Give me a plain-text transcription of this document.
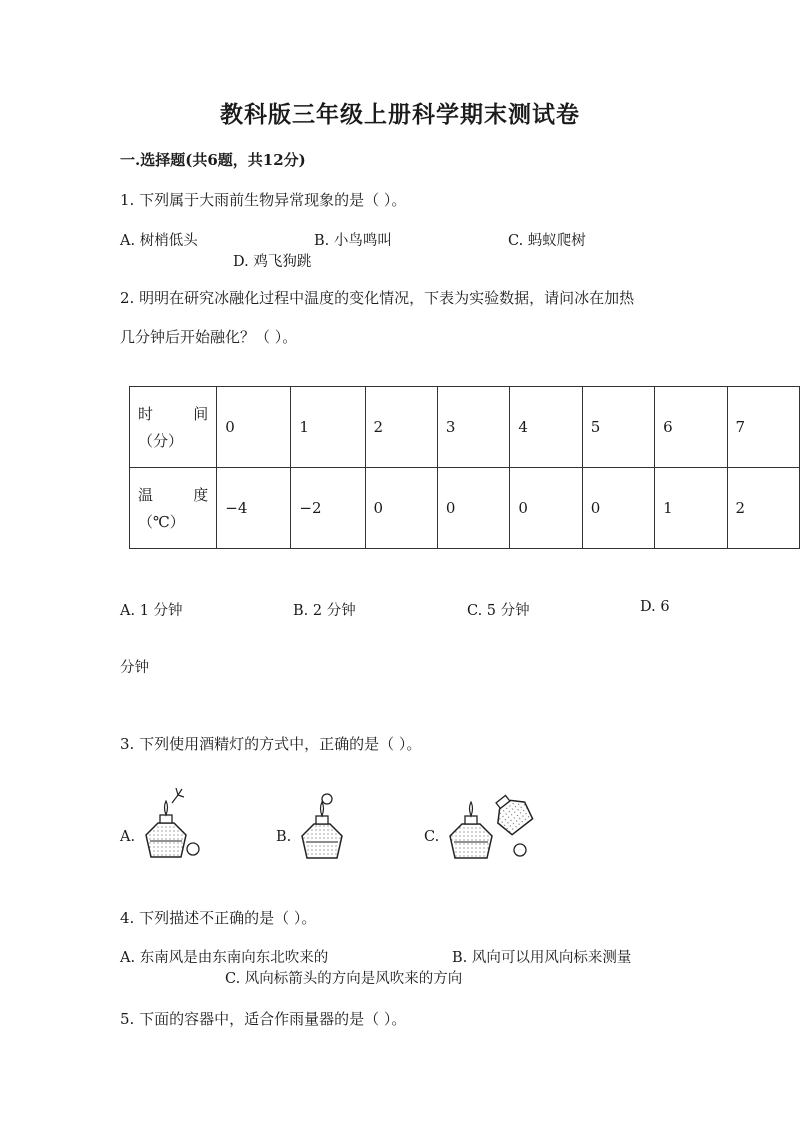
教科版三年级上册科学期末测试卷
一.选择题(共6题，共12分)
1. 下列属于大雨前生物异常现象的是（ ）。
A. 树梢低头	B. 小鸟鸣叫	C. 蚂蚁爬树
D. 鸡飞狗跳
2. 明明在研究冰融化过程中温度的变化情况，下表为实验数据，请问冰在加热
几分钟后开始融化？（ ）。
时 间
（分）	0	1	2	3	4	5	6	7

温 度
（℃）	−4	−2	0	0	0	0	1	2
A. 1 分钟	B. 2 分钟	C. 5 分钟	D. 6
分钟
3. 下列使用酒精灯的方式中，正确的是（ ）。
A.	B.	C.
4. 下列描述不正确的是（ ）。
A. 东南风是由东南向东北吹来的	B. 风向可以用风向标来测量
C. 风向标箭头的方向是风吹来的方向
5. 下面的容器中，适合作雨量器的是（ ）。
